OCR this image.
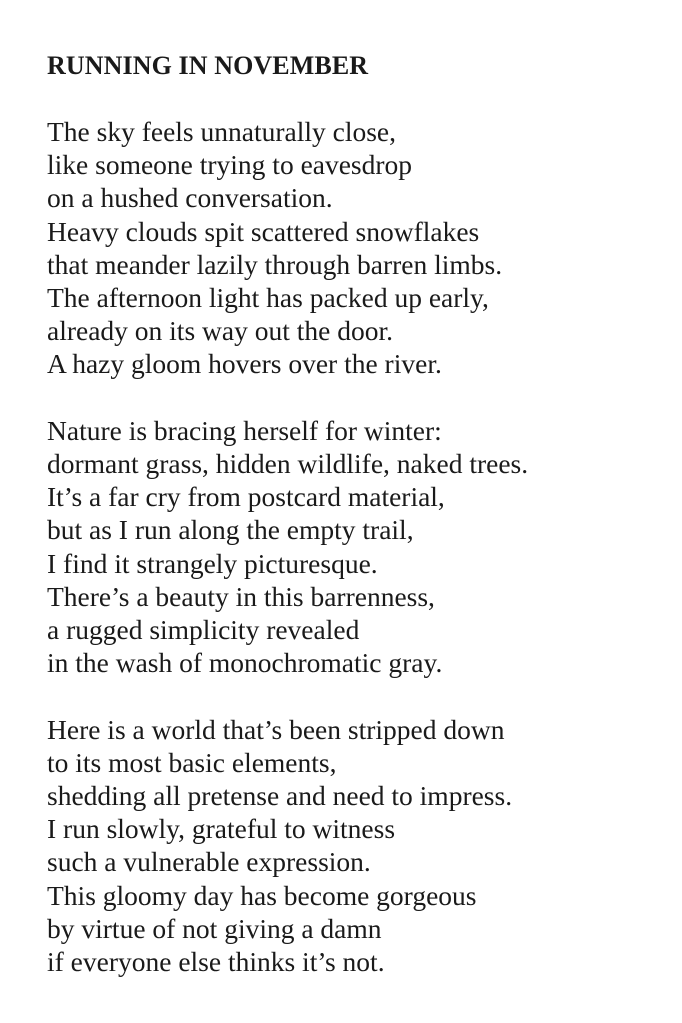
RUNNING IN NOVEMBER
The sky feels unnaturally close,
like someone trying to eavesdrop
on a hushed conversation.
Heavy clouds spit scattered snowflakes
that meander lazily through barren limbs.
The afternoon light has packed up early,
already on its way out the door.
A hazy gloom hovers over the river.
Nature is bracing herself for winter:
dormant grass, hidden wildlife, naked trees.
It’s a far cry from postcard material,
but as I run along the empty trail,
I find it strangely picturesque.
There’s a beauty in this barrenness,
a rugged simplicity revealed
in the wash of monochromatic gray.
Here is a world that’s been stripped down
to its most basic elements,
shedding all pretense and need to impress.
I run slowly, grateful to witness
such a vulnerable expression.
This gloomy day has become gorgeous
by virtue of not giving a damn
if everyone else thinks it’s not.
